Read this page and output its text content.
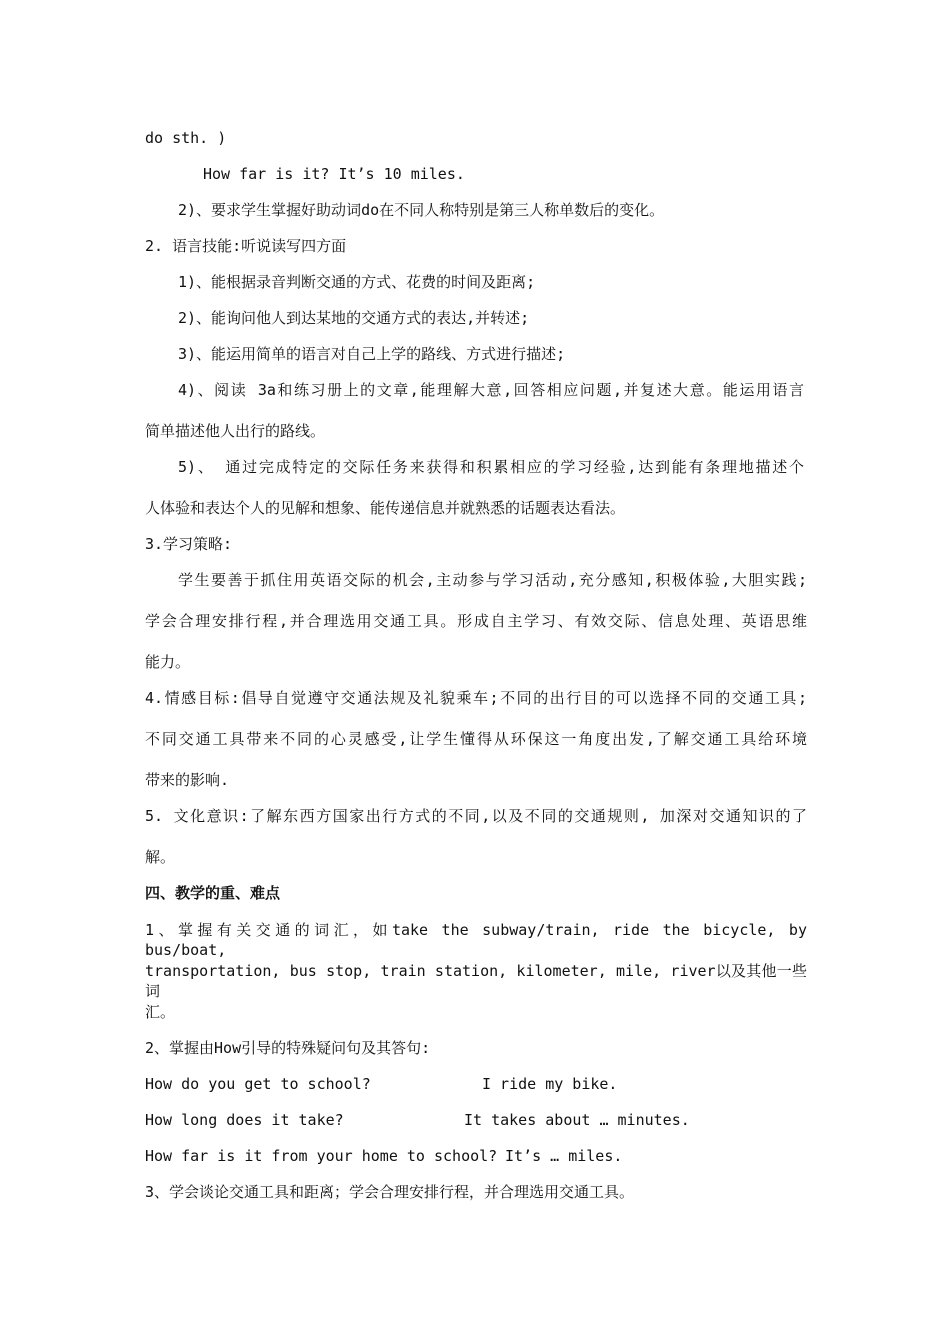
do sth. )
How far is it? It’s 10 miles.
2)、要求学生掌握好助动词do在不同人称特别是第三人称单数后的变化。
2. 语言技能:听说读写四方面
1)、能根据录音判断交通的方式、花费的时间及距离;
2)、能询问他人到达某地的交通方式的表达,并转述;
3)、能运用简单的语言对自己上学的路线、方式进行描述;
4)、阅读 3a和练习册上的文章,能理解大意,回答相应问题,并复述大意。能运用语言
简单描述他人出行的路线。
5)、 通过完成特定的交际任务来获得和积累相应的学习经验,达到能有条理地描述个
人体验和表达个人的见解和想象、能传递信息并就熟悉的话题表达看法。
3.学习策略:
学生要善于抓住用英语交际的机会,主动参与学习活动,充分感知,积极体验,大胆实践;
学会合理安排行程,并合理选用交通工具。形成自主学习、有效交际、信息处理、英语思维
能力。
4.情感目标:倡导自觉遵守交通法规及礼貌乘车;不同的出行目的可以选择不同的交通工具;
不同交通工具带来不同的心灵感受,让学生懂得从环保这一角度出发,了解交通工具给环境
带来的影响.
5. 文化意识:了解东西方国家出行方式的不同,以及不同的交通规则, 加深对交通知识的了
解。
四、教学的重、难点
1、掌握有关交通的词汇，如take the subway/train, ride the bicycle, by bus/boat,
transportation, bus stop, train station, kilometer, mile, river以及其他一些词
汇。
2、掌握由How引导的特殊疑问句及其答句:
How do you get to school?	I ride my bike.
How long does it take?	It takes about … minutes.
How far is it from your home to school? It’s … miles.
3、学会谈论交通工具和距离；学会合理安排行程，并合理选用交通工具。
